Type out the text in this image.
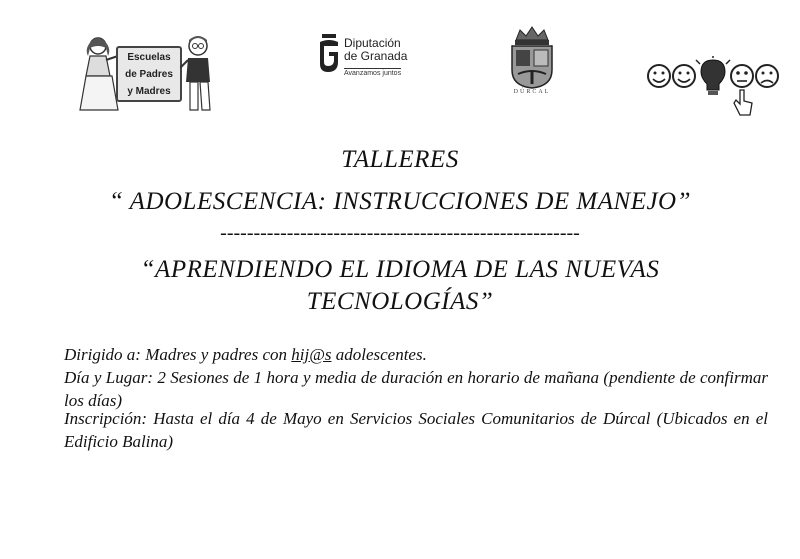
Escuelas
de Padres
y Madres
Diputación
de Granada
Avanzamos juntos
DÚRCAL
TALLERES
“ ADOLESCENCIA: INSTRUCCIONES DE MANEJO”
------------------------------------------------------
“APRENDIENDO EL IDIOMA DE LAS NUEVAS
TECNOLOGÍAS”
Dirigido a: Madres y padres con hij@s adolescentes.
Día y Lugar: 2 Sesiones de 1 hora y media de duración en horario de mañana (pendiente de confirmar los días)
Inscripción: Hasta el día 4 de Mayo en Servicios Sociales Comunitarios de Dúrcal (Ubicados en el Edificio Balina)
